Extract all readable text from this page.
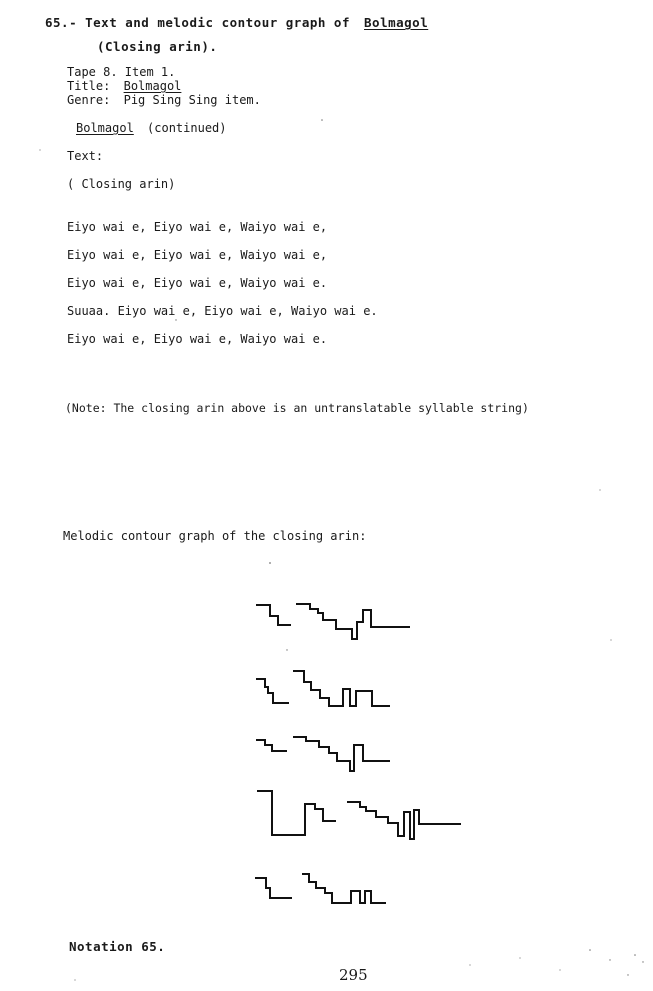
65.- Text and melodic contour graph of Bolmagol
(Closing arin).
Tape 8. Item 1.
Title: Bolmagol
Genre: Pig Sing Sing item.
Bolmagol (continued)
Text:
( Closing arin)
Eiyo wai e, Eiyo wai e, Waiyo wai e,
Eiyo wai e, Eiyo wai e, Waiyo wai e,
Eiyo wai e, Eiyo wai e, Waiyo wai e.
Suuaa. Eiyo wai e, Eiyo wai e, Waiyo wai e.
Eiyo wai e, Eiyo wai e, Waiyo wai e.
(Note: The closing arin above is an untranslatable syllable string)
Melodic contour graph of the closing arin:
Notation 65.
295
